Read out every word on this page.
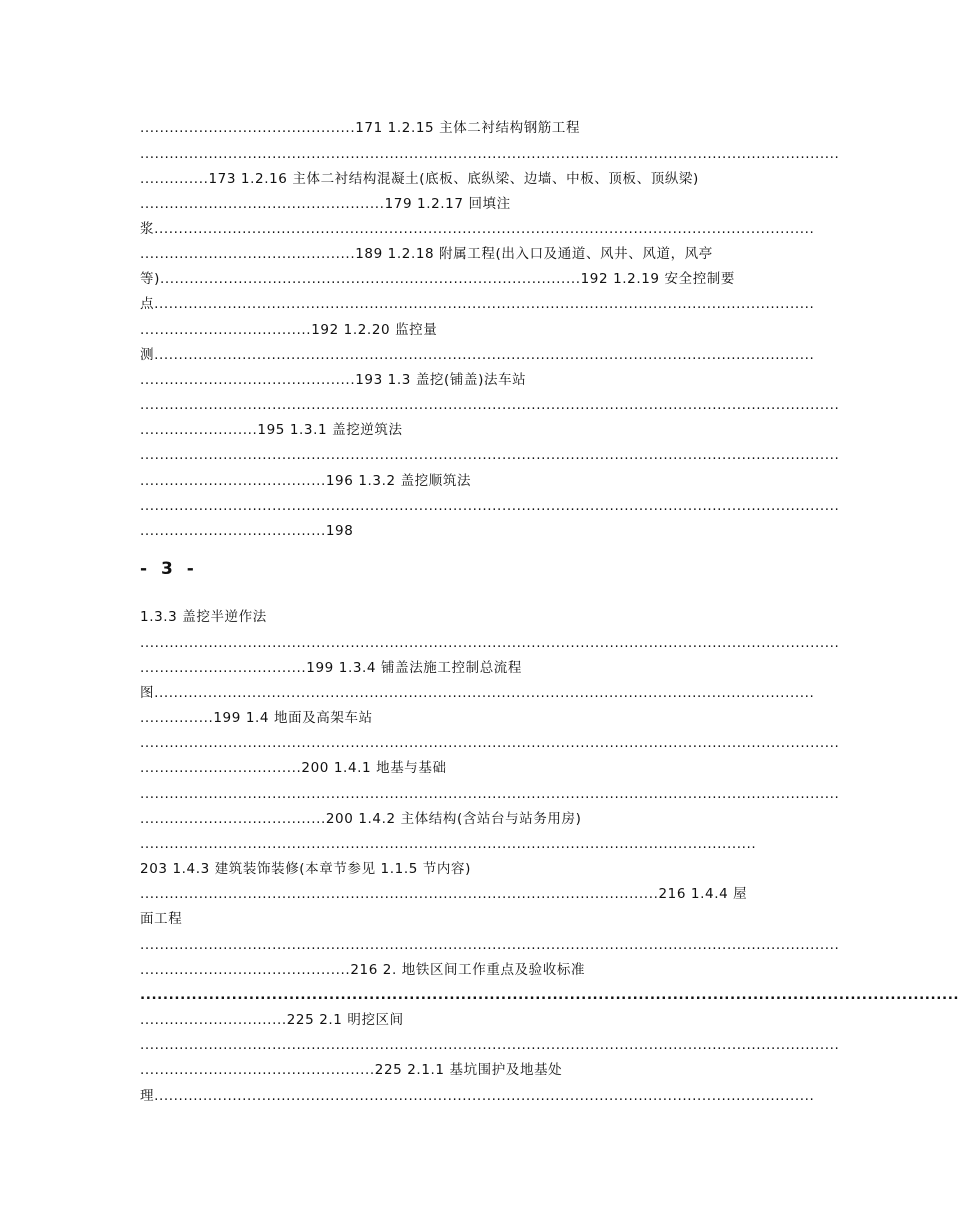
............................................171 1.2.15 主体二衬结构钢筋工程
...............................................................................................................................................
..............173 1.2.16 主体二衬结构混凝土(底板、底纵梁、边墙、中板、顶板、顶纵梁)
..................................................179 1.2.17 回填注
浆.......................................................................................................................................
............................................189 1.2.18 附属工程(出入口及通道、风井、风道，风亭
等)......................................................................................192 1.2.19 安全控制要
点.......................................................................................................................................
...................................192 1.2.20 监控量
测.......................................................................................................................................
............................................193 1.3 盖挖(铺盖)法车站
...............................................................................................................................................
........................195 1.3.1 盖挖逆筑法
...............................................................................................................................................
......................................196 1.3.2 盖挖顺筑法
...............................................................................................................................................
......................................198
- 3 -
1.3.3 盖挖半逆作法
...............................................................................................................................................
..................................199 1.3.4 铺盖法施工控制总流程
图.......................................................................................................................................
...............199 1.4 地面及高架车站
...............................................................................................................................................
.................................200 1.4.1 地基与基础
...............................................................................................................................................
......................................200 1.4.2 主体结构(含站台与站务用房)
..............................................................................................................................
203 1.4.3 建筑装饰装修(本章节参见 1.1.5 节内容)
..........................................................................................................216 1.4.4 屋
面工程
...............................................................................................................................................
...........................................216 2. 地铁区间工作重点及验收标准
...............................................................................................................................................
..............................225 2.1 明挖区间
...............................................................................................................................................
................................................225 2.1.1 基坑围护及地基处
理.......................................................................................................................................
